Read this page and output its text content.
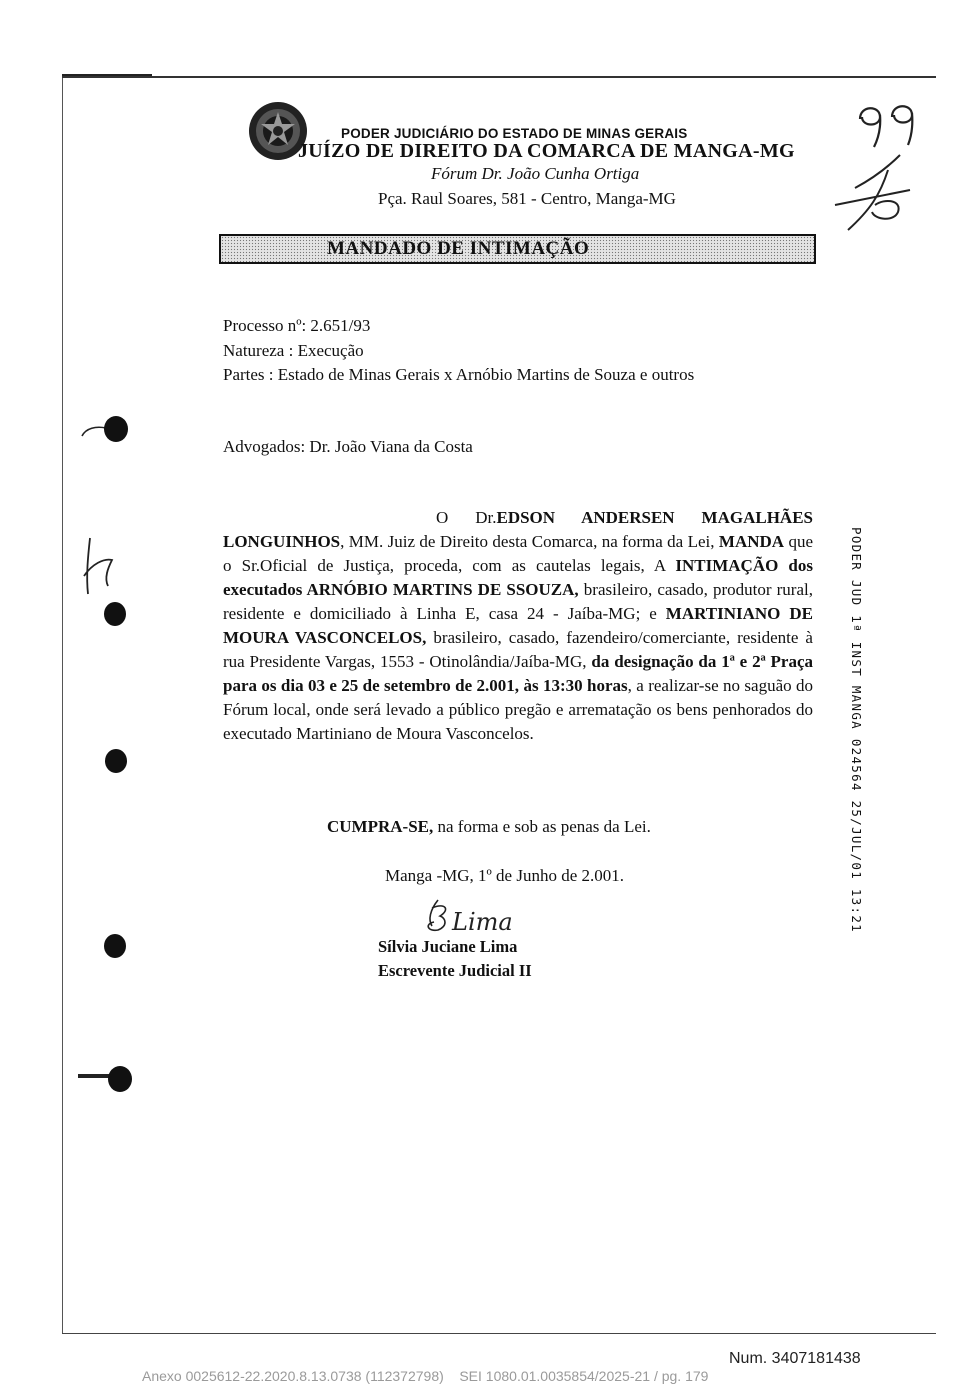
PODER JUDICIÁRIO DO ESTADO DE MINAS GERAIS
JUÍZO DE DIREITO DA COMARCA DE MANGA-MG
Fórum Dr. João Cunha Ortiga
Pça. Raul Soares, 581 - Centro, Manga-MG
MANDADO DE INTIMAÇÃO
Processo nº: 2.651/93
Natureza : Execução
Partes : Estado de Minas Gerais x Arnóbio Martins de Souza e outros
Advogados: Dr. João Viana da Costa
O Dr.EDSON ANDERSEN MAGALHÃES LONGUINHOS, MM. Juiz de Direito desta Comarca, na forma da Lei, MANDA que o Sr.Oficial de Justiça, proceda, com as cautelas legais, A INTIMAÇÃO dos executados ARNÓBIO MARTINS DE SSOUZA, brasileiro, casado, produtor rural, residente e domiciliado à Linha E, casa 24 - Jaíba-MG; e MARTINIANO DE MOURA VASCONCELOS, brasileiro, casado, fazendeiro/comerciante, residente à rua Presidente Vargas, 1553 - Otinolândia/Jaíba-MG, da designação da 1ª e 2ª Praça para os dia 03 e 25 de setembro de 2.001, às 13:30 horas, a realizar-se no saguão do Fórum local, onde será levado a público pregão e arrematação os bens penhorados do executado Martiniano de Moura Vasconcelos.
CUMPRA-SE, na forma e sob as penas da Lei.
Manga -MG, 1º de Junho de 2.001.
Lima
Sílvia Juciane Lima
Escrevente Judicial II
PODER JUD 1ª INST MANGA 024564 25/JUL/01 13:21
Num. 3407181438
Anexo 0025612-22.2020.8.13.0738 (112372798)    SEI 1080.01.0035854/2025-21 / pg. 179
